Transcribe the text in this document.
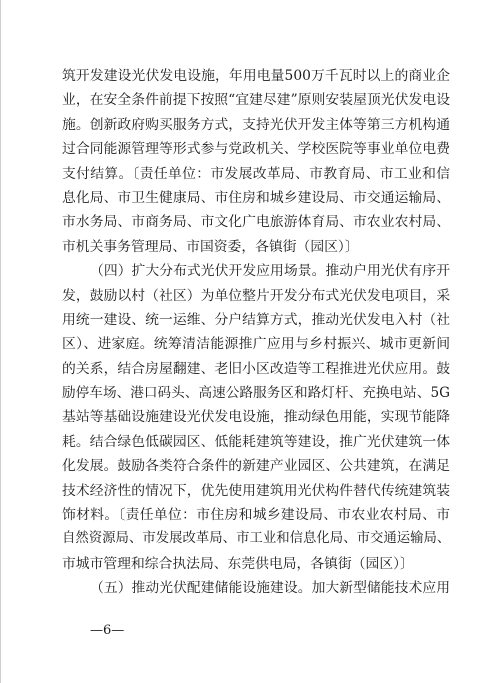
筑开发建设光伏发电设施，年用电量500万千瓦时以上的商业企
业，在安全条件前提下按照“宜建尽建”原则安装屋顶光伏发电设
施。创新政府购买服务方式，支持光伏开发主体等第三方机构通
过合同能源管理等形式参与党政机关、学校医院等事业单位电费
支付结算。〔责任单位：市发展改革局、市教育局、市工业和信
息化局、市卫生健康局、市住房和城乡建设局、市交通运输局、
市水务局、市商务局、市文化广电旅游体育局、市农业农村局、
市机关事务管理局、市国资委，各镇街（园区）〕
（四）扩大分布式光伏开发应用场景。推动户用光伏有序开
发，鼓励以村（社区）为单位整片开发分布式光伏发电项目，采
用统一建设、统一运维、分户结算方式，推动光伏发电入村（社
区）、进家庭。统筹清洁能源推广应用与乡村振兴、城市更新间
的关系，结合房屋翻建、老旧小区改造等工程推进光伏应用。鼓
励停车场、港口码头、高速公路服务区和路灯杆、充换电站、5G
基站等基础设施建设光伏发电设施，推动绿色用能，实现节能降
耗。结合绿色低碳园区、低能耗建筑等建设，推广光伏建筑一体
化发展。鼓励各类符合条件的新建产业园区、公共建筑，在满足
技术经济性的情况下，优先使用建筑用光伏构件替代传统建筑装
饰材料。〔责任单位：市住房和城乡建设局、市农业农村局、市
自然资源局、市发展改革局、市工业和信息化局、市交通运输局、
市城市管理和综合执法局、东莞供电局，各镇街（园区）〕
（五）推动光伏配建储能设施建设。加大新型储能技术应用
—6—
